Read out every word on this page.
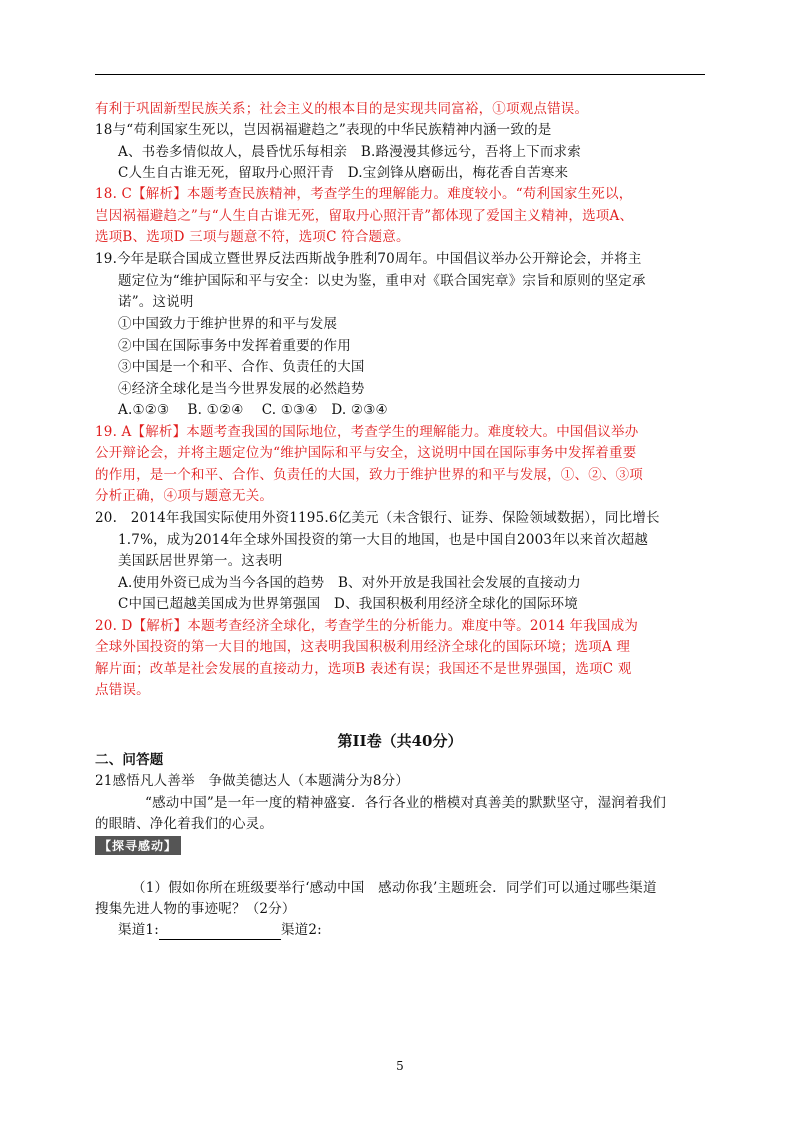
有利于巩固新型民族关系；社会主义的根本目的是实现共同富裕，①项观点错误。
18与“苟利国家生死以，岂因祸福避趋之”表现的中华民族精神内涵一致的是
A、书卷多情似故人，晨昏忧乐每相亲　B.路漫漫其修远兮，吾将上下而求索
C人生自古谁无死，留取丹心照汗青　D.宝剑锋从磨砺出，梅花香自苦寒来
18. C【解析】本题考查民族精神，考查学生的理解能力。难度较小。“苟利国家生死以，
岂因祸福避趋之”与“人生自古谁无死，留取丹心照汗青”都体现了爱国主义精神，选项A、
选项B、选项D 三项与题意不符，选项C 符合题意。
19.今年是联合国成立暨世界反法西斯战争胜利70周年。中国倡议举办公开辩论会，并将主
题定位为“维护国际和平与安全：以史为鉴，重申对《联合国宪章》宗旨和原则的坚定承
诺”。这说明
①中国致力于维护世界的和平与发展
②中国在国际事务中发挥着重要的作用
③中国是一个和平、合作、负责任的大国
④经济全球化是当今世界发展的必然趋势
A.①②③　 B. ①②④　 C. ①③④　D. ②③④
19. A【解析】本题考查我国的国际地位，考查学生的理解能力。难度较大。中国倡议举办
公开辩论会，并将主题定位为“维护国际和平与安全，这说明中国在国际事务中发挥着重要
的作用，是一个和平、合作、负责任的大国，致力于维护世界的和平与发展，①、②、③项
分析正确，④项与题意无关。
20.　2014年我国实际使用外资1195.6亿美元（未含银行、证券、保险领域数据），同比增长
1.7%，成为2014年全球外国投资的第一大目的地国，也是中国自2003年以来首次超越
美国跃居世界第一。这表明
A.使用外资已成为当今各国的趋势　B、对外开放是我国社会发展的直接动力
C中国已超越美国成为世界第强国　D、我国积极利用经济全球化的国际环境
20. D【解析】本题考查经济全球化，考查学生的分析能力。难度中等。2014 年我国成为
全球外国投资的第一大目的地国，这表明我国积极利用经济全球化的国际环境；选项A 理
解片面；改革是社会发展的直接动力，选项B 表述有误；我国还不是世界强国，选项C 观
点错误。
第II卷（共40分）
二、问答题
21感悟凡人善举　争做美德达人（本题满分为8分）
“感动中国”是一年一度的精神盛宴．各行各业的楷模对真善美的默默坚守，湿润着我们
的眼睛、净化着我们的心灵。
【探寻感动】
（1）假如你所在班级要举行‘感动中国　感动你我’主题班会．同学们可以通过哪些渠道
搜集先进人物的事迹呢？（2分）
渠道1:	渠道2:
5
